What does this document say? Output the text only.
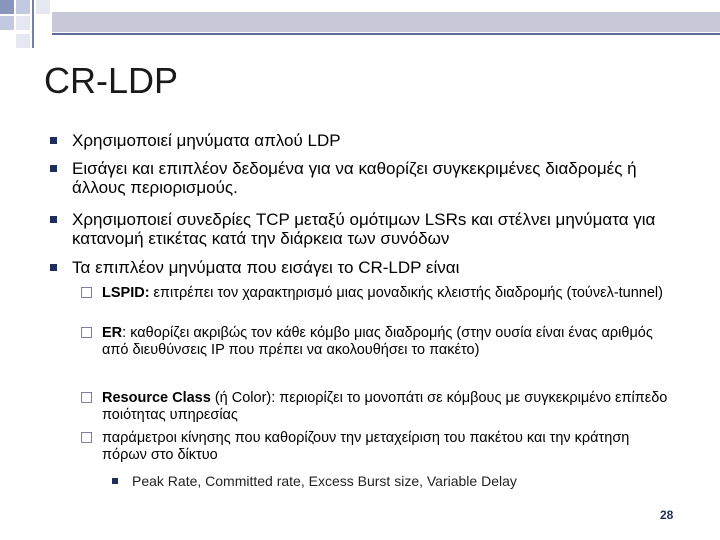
CR-LDP
Χρησιμοποιεί μηνύματα απλού LDP
Εισάγει και επιπλέον δεδομένα για να καθορίζει συγκεκριμένες διαδρομές ή άλλους περιορισμούς.
Χρησιμοποιεί συνεδρίες TCP μεταξύ ομότιμων LSRs και στέλνει μηνύματα για κατανομή ετικέτας κατά την διάρκεια των συνόδων
Τα επιπλέον μηνύματα που εισάγει το CR-LDP είναι
□ LSPID: επιτρέπει τον χαρακτηρισμό μιας μοναδικής κλειστής διαδρομής (τούνελ-tunnel)
□ ER: καθορίζει ακριβώς τον κάθε κόμβο μιας διαδρομής (στην ουσία είναι ένας αριθμός από διευθύνσεις IP που πρέπει να ακολουθήσει το πακέτο)
□ Resource Class (ή Color): περιορίζει το μονοπάτι σε κόμβους με συγκεκριμένο επίπεδο ποιότητας υπηρεσίας
□ παράμετροι κίνησης που καθορίζουν την μεταχείριση του πακέτου και την κράτηση πόρων στο δίκτυο
Peak Rate, Committed rate, Excess Burst size, Variable Delay
28
